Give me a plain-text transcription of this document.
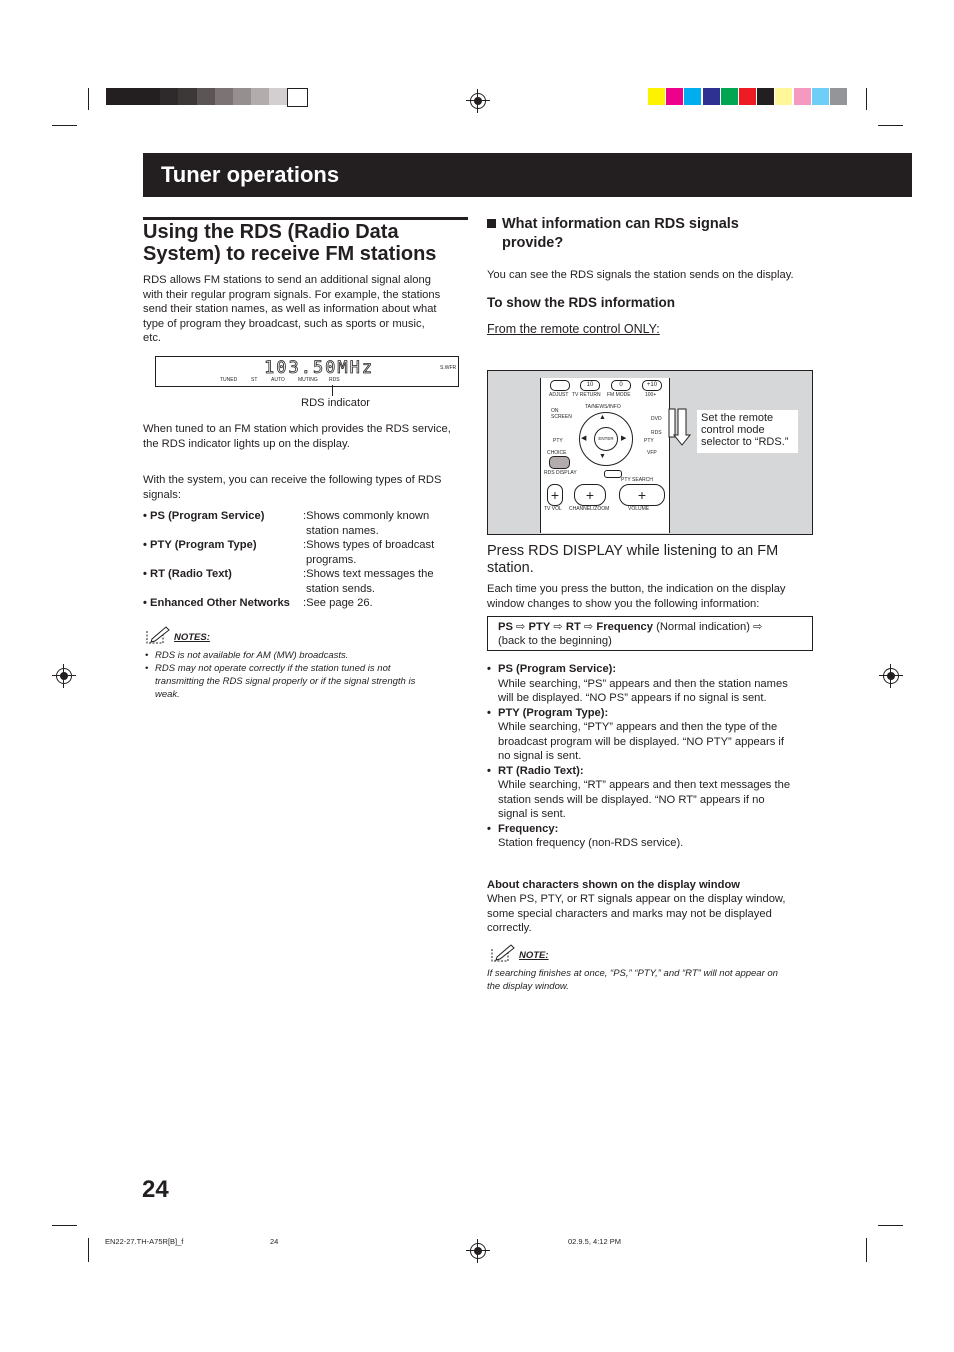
Tuner operations
Using the RDS (Radio Data System) to receive FM stations
RDS allows FM stations to send an additional signal along
with their regular program signals. For example, the stations
send their station names, as well as information about what
type of program they broadcast, such as sports or music,
etc.
103.50MHz
TUNED	ST	AUTO	MUTING RDS
S.WFR
RDS indicator
When tuned to an FM station which provides the RDS service,
the RDS indicator lights up on the display.
With the system, you can receive the following types of RDS
signals:
• PS (Program Service)	:Shows commonly known
station names.
• PTY (Program Type)	:Shows types of broadcast
programs.
• RT (Radio Text)	:Shows text messages the
station sends.
• Enhanced Other Networks :See page 26.
NOTES:
RDS is not available for AM (MW) broadcasts.
•
RDS may not operate correctly if the station tuned is not
•
transmitting the RDS signal properly or if the signal strength is
weak.
What information can RDS signals
provide?
You can see the RDS signals the station sends on the display.
To show the RDS information
From the remote control ONLY:
10	0	+10
ADJUST TV RETURN FM MODE	100+
TA/NEWS/INFO
ON SCREEN	DVD
RDS
PTY	PTY
CHOICE	VFP
ENTER
▲
▼
◀	▶
RDS DISPLAY
PTY SEARCH
+	+	+
TV VOL CHANNEL/ZOOM	VOLUME
Set the remote
control mode
selector to “RDS.”
Press RDS DISPLAY while listening to an FM
station.
Each time you press the button, the indication on the display
window changes to show you the following information:
PS ⇨ PTY ⇨ RT ⇨ Frequency (Normal indication) ⇨
(back to the beginning)
• PS (Program Service):
While searching, “PS” appears and then the station names
will be displayed. “NO PS” appears if no signal is sent.
• PTY (Program Type):
While searching, “PTY” appears and then the type of the
broadcast program will be displayed. “NO PTY” appears if
no signal is sent.
• RT (Radio Text):
While searching, “RT” appears and then text messages the
station sends will be displayed. “NO RT” appears if no
signal is sent.
• Frequency:
Station frequency (non-RDS service).
About characters shown on the display window
When PS, PTY, or RT signals appear on the display window,
some special characters and marks may not be displayed
correctly.
NOTE:
If searching finishes at once, “PS,” “PTY,” and “RT” will not appear on
the display window.
24
EN22-27.TH-A75R[B]_f	24	02.9.5, 4:12 PM
